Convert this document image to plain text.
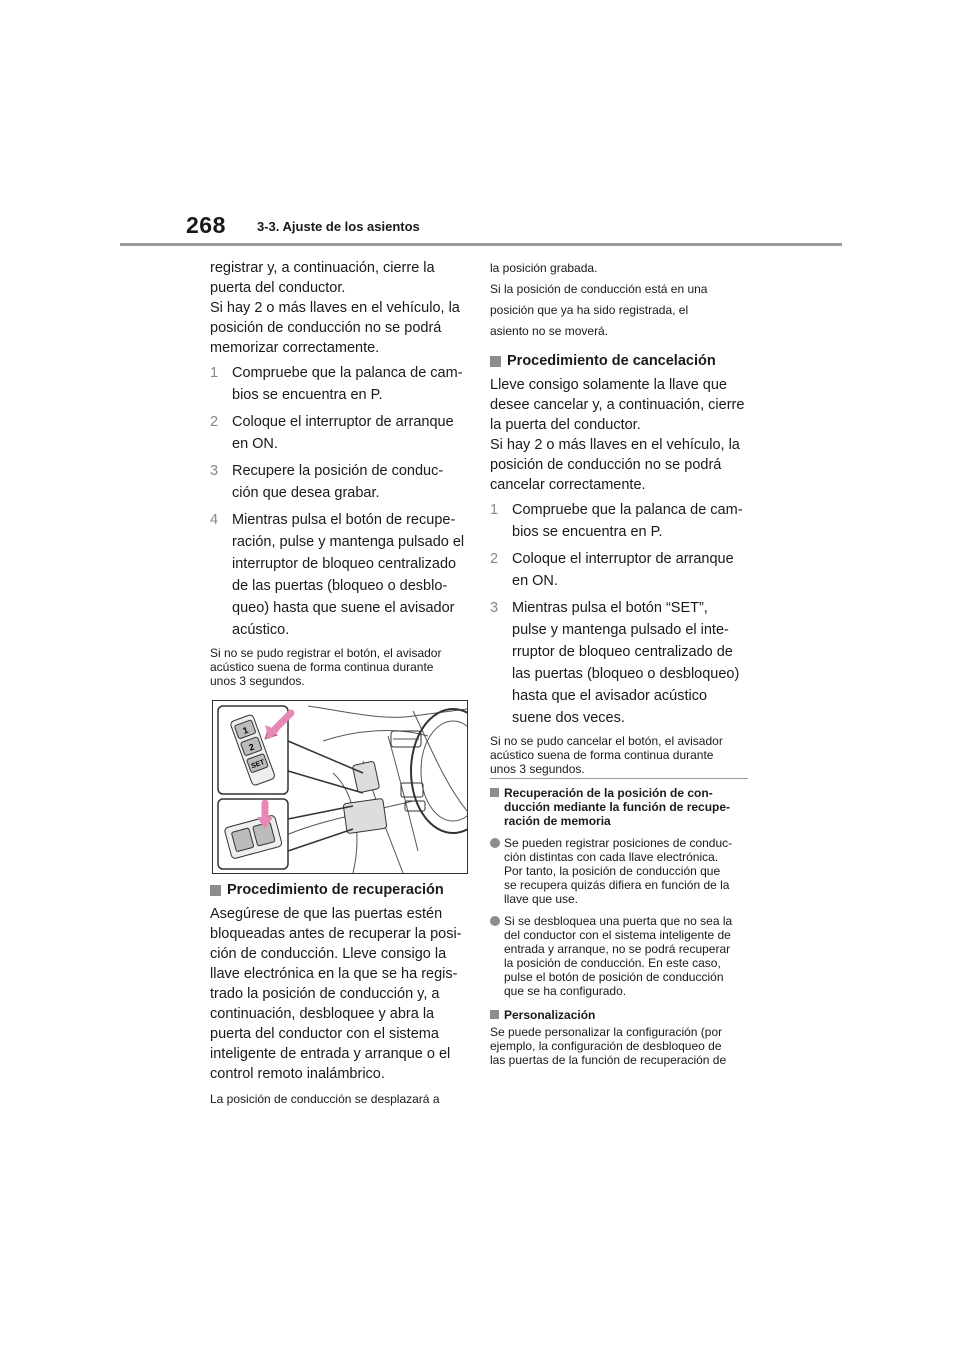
268 3-3. Ajuste de los asientos

registrar y, a continuación, cierre la

puerta del conductor.

Si hay 2 o más llaves en el vehículo, la

posición de conducción no se podrá

memorizar correctamente.

1 Compruebe que la palanca de cam-
bios se encuentra en P.
2 Coloque el interruptor de arranque
en ON.
3 Recupere la posición de conduc-
ción que desea grabar.
4 Mientras pulsa el botón de recupe-
ración, pulse y mantenga pulsado el
interruptor de bloqueo centralizado
de las puertas (bloqueo o desblo-
queo) hasta que suene el avisador
acústico.

Si no se pudo registrar el botón, el avisador

acústico suena de forma continua durante

unos 3 segundos.

1
2
SET
Procedimiento de recuperación

Asegúrese de que las puertas estén

bloqueadas antes de recuperar la posi-

ción de conducción. Lleve consigo la

llave electrónica en la que se ha regis-

trado la posición de conducción y, a

continuación, desbloquee y abra la

puerta del conductor con el sistema

inteligente de entrada y arranque o el

control remoto inalámbrico.

La posición de conducción se desplazará a

la posición grabada.

Si la posición de conducción está en una

posición que ya ha sido registrada, el

asiento no se moverá.

Procedimiento de cancelación

Lleve consigo solamente la llave que

desee cancelar y, a continuación, cierre

la puerta del conductor.

Si hay 2 o más llaves en el vehículo, la

posición de conducción no se podrá

cancelar correctamente.

1 Compruebe que la palanca de cam-
bios se encuentra en P.
2 Coloque el interruptor de arranque
en ON.
3 Mientras pulsa el botón “SET”,
pulse y mantenga pulsado el inte-
rruptor de bloqueo centralizado de
las puertas (bloqueo o desbloqueo)
hasta que el avisador acústico
suene dos veces.

Si no se pudo cancelar el botón, el avisador

acústico suena de forma continua durante

unos 3 segundos.

Recuperación de la posición de con-
ducción mediante la función de recupe-
ración de memoria
Se pueden registrar posiciones de conduc-
ción distintas con cada llave electrónica.
Por tanto, la posición de conducción que
se recupera quizás difiera en función de la
llave que use.
Si se desbloquea una puerta que no sea la
del conductor con el sistema inteligente de
entrada y arranque, no se podrá recuperar
la posición de conducción. En este caso,
pulse el botón de posición de conducción
que se ha configurado.
Personalización

Se puede personalizar la configuración (por

ejemplo, la configuración de desbloqueo de

las puertas de la función de recuperación de
